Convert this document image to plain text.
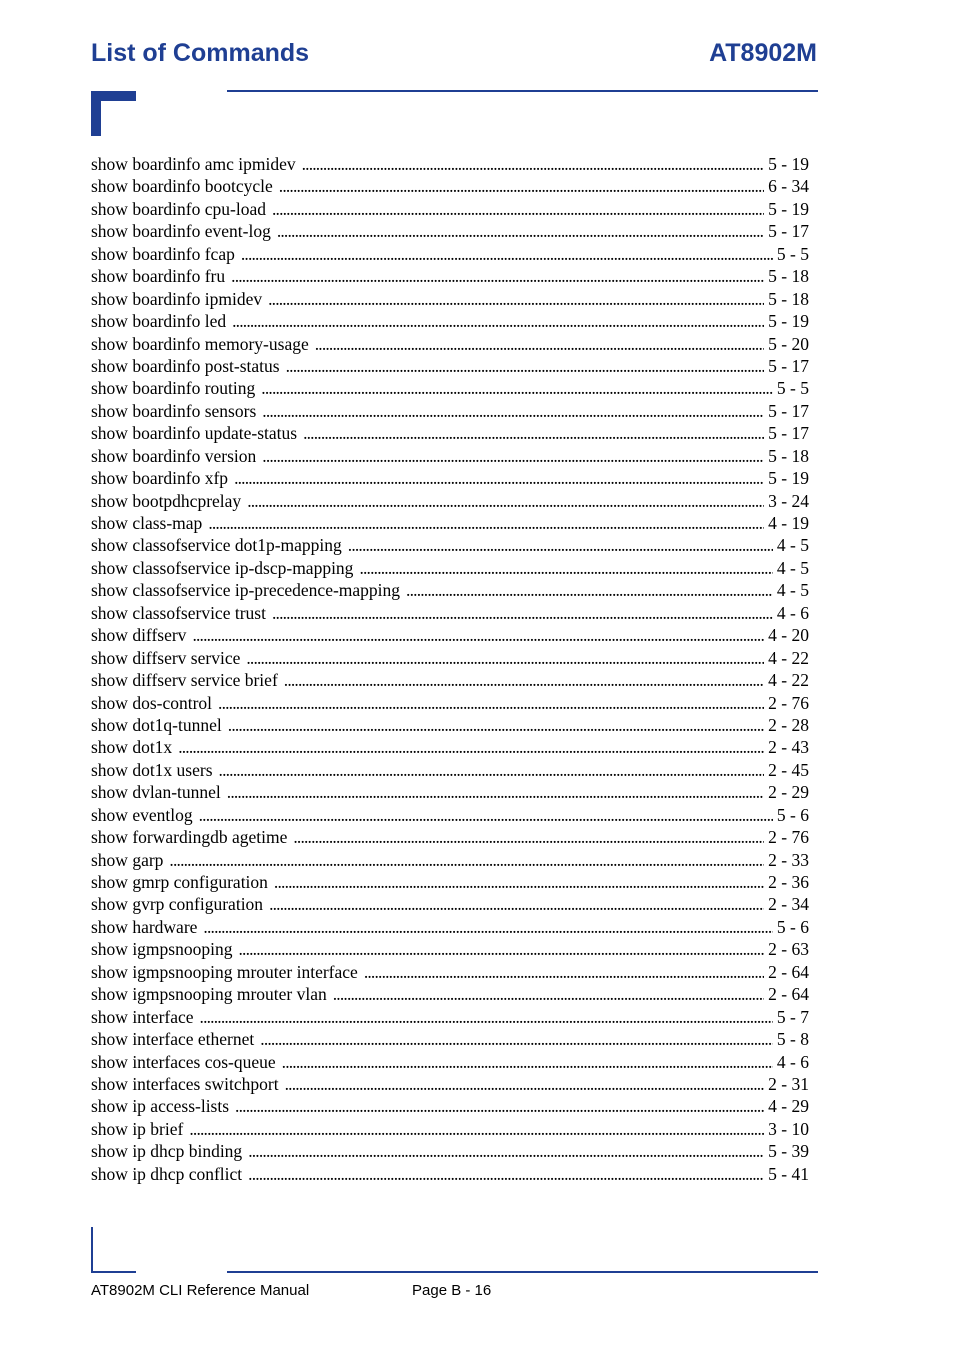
List of Commands	AT8902M
show boardinfo amc ipmidev . . .	5 - 19
show boardinfo bootcycle . . .	6 - 34
show boardinfo cpu-load . . .	5 - 19
show boardinfo event-log . . .	5 - 17
show boardinfo fcap . . .	5 - 5
show boardinfo fru . . .	5 - 18
show boardinfo ipmidev . . .	5 - 18
show boardinfo led . . .	5 - 19
show boardinfo memory-usage . . .	5 - 20
show boardinfo post-status . . .	5 - 17
show boardinfo routing . . .	5 - 5
show boardinfo sensors . . .	5 - 17
show boardinfo update-status . . .	5 - 17
show boardinfo version . . .	5 - 18
show boardinfo xfp . . .	5 - 19
show bootpdhcprelay . . .	3 - 24
show class-map . . .	4 - 19
show classofservice dot1p-mapping . . .	4 - 5
show classofservice ip-dscp-mapping . . .	4 - 5
show classofservice ip-precedence-mapping . . .	4 - 5
show classofservice trust . . .	4 - 6
show diffserv . . .	4 - 20
show diffserv service . . .	4 - 22
show diffserv service brief . . .	4 - 22
show dos-control . . .	2 - 76
show dot1q-tunnel . . .	2 - 28
show dot1x . . .	2 - 43
show dot1x users . . .	2 - 45
show dvlan-tunnel . . .	2 - 29
show eventlog . . .	5 - 6
show forwardingdb agetime . . .	2 - 76
show garp . . .	2 - 33
show gmrp configuration . . .	2 - 36
show gvrp configuration . . .	2 - 34
show hardware . . .	5 - 6
show igmpsnooping . . .	2 - 63
show igmpsnooping mrouter interface . . .	2 - 64
show igmpsnooping mrouter vlan . . .	2 - 64
show interface . . .	5 - 7
show interface ethernet . . .	5 - 8
show interfaces cos-queue . . .	4 - 6
show interfaces switchport . . .	2 - 31
show ip access-lists . . .	4 - 29
show ip brief . . .	3 - 10
show ip dhcp binding . . .	5 - 39
show ip dhcp conflict . . .	5 - 41
AT8902M CLI Reference Manual	Page B - 16
